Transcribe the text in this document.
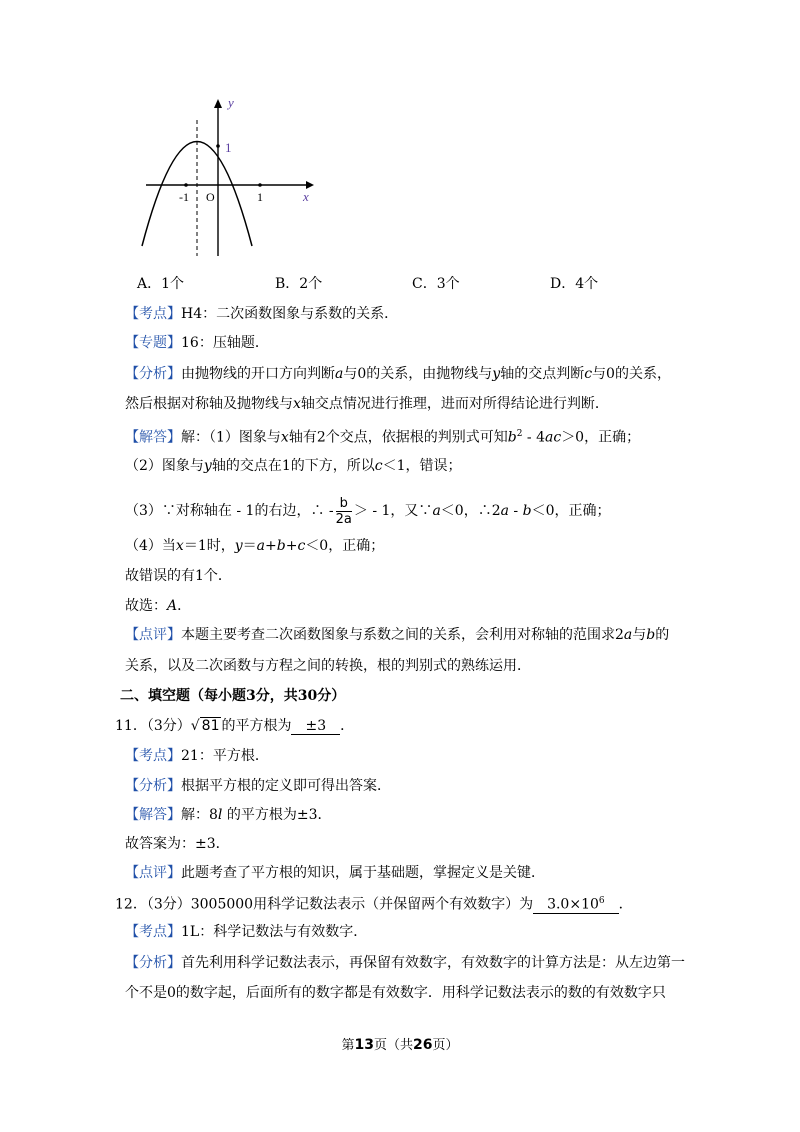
y
x
1
O
-1	1
A．1个	B．2个	C．3个	D．4个
【考点】H4：二次函数图象与系数的关系．
【专题】16：压轴题．
【分析】由抛物线的开口方向判断a与0的关系，由抛物线与y轴的交点判断c与0的关系，
然后根据对称轴及抛物线与x轴交点情况进行推理，进而对所得结论进行判断．
【解答】解：（1）图象与x轴有2个交点，依据根的判别式可知$b^2 - 4ac>0$，正确；
（2）图象与y轴的交点在1的下方，所以c＜1，错误；
（3）∵对称轴在 - 1的右边，∴ - $\frac{b}{2a}$ ＞ - 1，又∵a＜0，∴2a - b＜0，正确；
（4）当x＝1时，y＝a+b+c＜0，正确；
故错误的有1个．
故选：A．
【点评】本题主要考查二次函数图象与系数之间的关系，会利用对称轴的范围求2a与b的
关系，以及二次函数与方程之间的转换，根的判别式的熟练运用．
二、填空题（每小题3分，共30分）
11．（3分）√ 81 的平方根为 ±3 ．
【考点】21：平方根．
【分析】根据平方根的定义即可得出答案．
【解答】解：8l 的平方根为±3．
故答案为：±3．
【点评】此题考查了平方根的知识，属于基础题，掌握定义是关键．
12．（3分）3005000用科学记数法表示（并保留两个有效数字）为 $3.0\times 10^6$ ．
【考点】1L：科学记数法与有效数字．
【分析】首先利用科学记数法表示，再保留有效数字，有效数字的计算方法是：从左边第一
个不是0的数字起，后面所有的数字都是有效数字．用科学记数法表示的数的有效数字只
第13页（共26页）
